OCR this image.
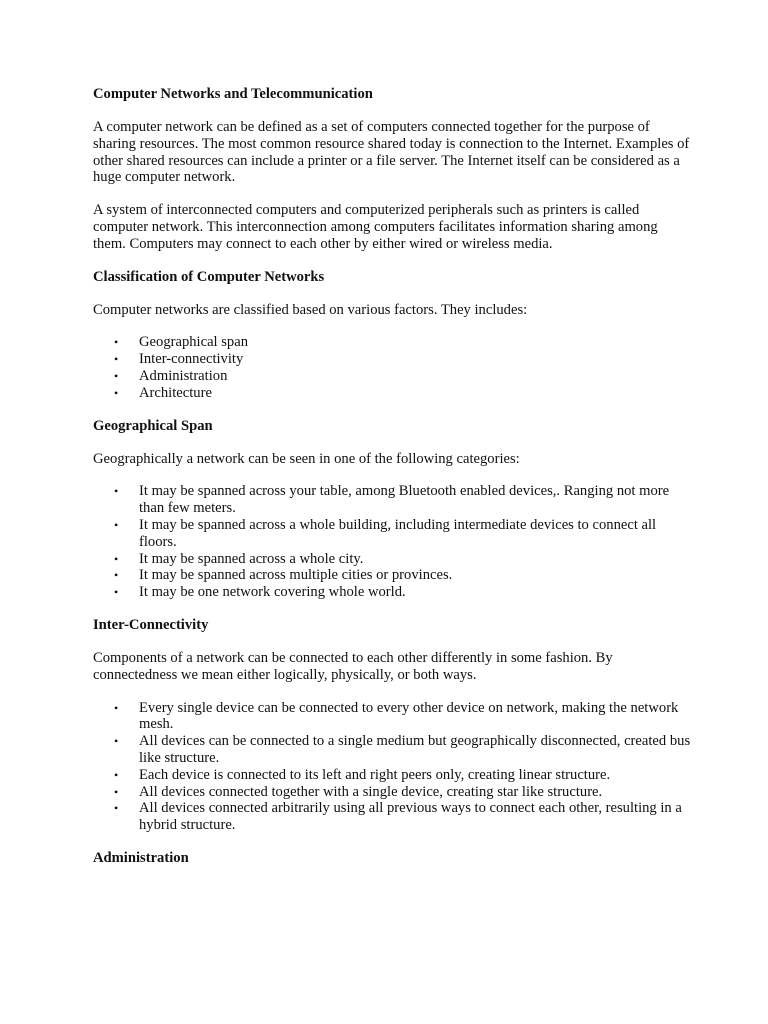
Computer Networks and Telecommunication
A computer network can be defined as a set of computers connected together for the purpose of sharing resources. The most common resource shared today is connection to the Internet. Examples of other shared resources can include a printer or a file server. The Internet itself can be considered as a huge computer network.
A system of interconnected computers and computerized peripherals such as printers is called computer network. This interconnection among computers facilitates information sharing among them. Computers may connect to each other by either wired or wireless media.
Classification of Computer Networks
Computer networks are classified based on various factors. They includes:
• Geographical span
• Inter-connectivity
• Administration
• Architecture
Geographical Span
Geographically a network can be seen in one of the following categories:
• It may be spanned across your table, among Bluetooth enabled devices,. Ranging not more than few meters.
• It may be spanned across a whole building, including intermediate devices to connect all floors.
• It may be spanned across a whole city.
• It may be spanned across multiple cities or provinces.
• It may be one network covering whole world.
Inter-Connectivity
Components of a network can be connected to each other differently in some fashion. By connectedness we mean either logically, physically, or both ways.
• Every single device can be connected to every other device on network, making the network mesh.
• All devices can be connected to a single medium but geographically disconnected, created bus like structure.
• Each device is connected to its left and right peers only, creating linear structure.
• All devices connected together with a single device, creating star like structure.
• All devices connected arbitrarily using all previous ways to connect each other, resulting in a hybrid structure.
Administration
